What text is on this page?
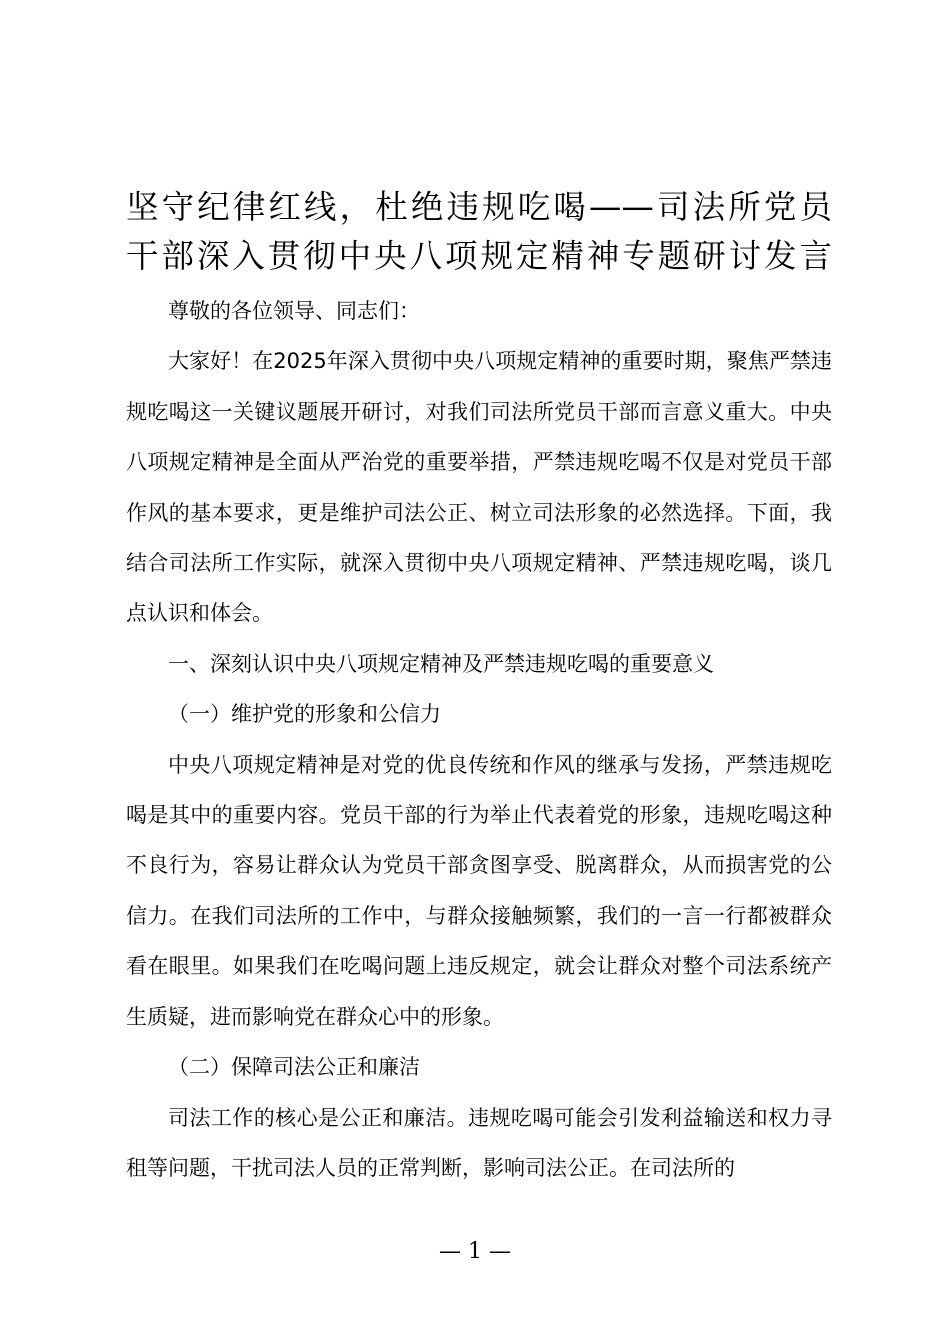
坚守纪律红线，杜绝违规吃喝——司法所党员
干部深入贯彻中央八项规定精神专题研讨发言

尊敬的各位领导、同志们：

大家好！在2025年深入贯彻中央八项规定精神的重要时期，聚焦严禁违规吃喝这一关键议题展开研讨，对我们司法所党员干部而言意义重大。中央八项规定精神是全面从严治党的重要举措，严禁违规吃喝不仅是对党员干部作风的基本要求，更是维护司法公正、树立司法形象的必然选择。下面，我结合司法所工作实际，就深入贯彻中央八项规定精神、严禁违规吃喝，谈几点认识和体会。

一、深刻认识中央八项规定精神及严禁违规吃喝的重要意义

（一）维护党的形象和公信力

中央八项规定精神是对党的优良传统和作风的继承与发扬，严禁违规吃喝是其中的重要内容。党员干部的行为举止代表着党的形象，违规吃喝这种不良行为，容易让群众认为党员干部贪图享受、脱离群众，从而损害党的公信力。在我们司法所的工作中，与群众接触频繁，我们的一言一行都被群众看在眼里。如果我们在吃喝问题上违反规定，就会让群众对整个司法系统产生质疑，进而影响党在群众心中的形象。

（二）保障司法公正和廉洁

司法工作的核心是公正和廉洁。违规吃喝可能会引发利益输送和权力寻租等问题，干扰司法人员的正常判断，影响司法公正。在司法所的

— 1 —
